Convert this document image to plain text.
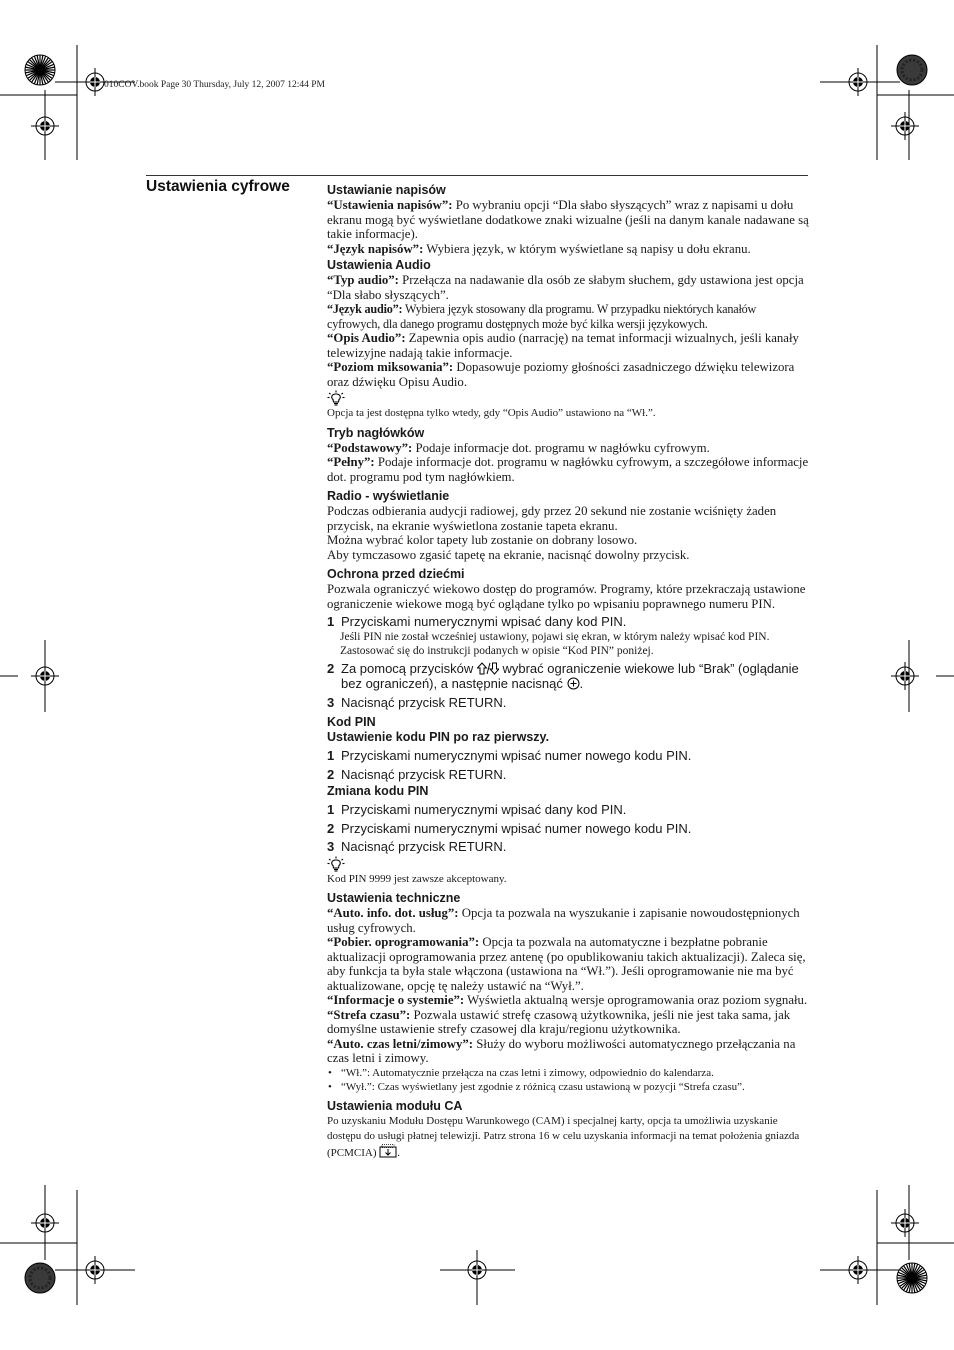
010COV.book Page 30 Thursday, July 12, 2007 12:44 PM
Ustawienia cyfrowe	Ustawianie napisów

“Ustawienia napisów”: Po wybraniu opcji “Dla słabo słyszących” wraz z napisami u dołu ekranu mogą być wyświetlane dodatkowe znaki wizualne (jeśli na danym kanale nadawane są takie informacje).

“Język napisów”: Wybiera język, w którym wyświetlane są napisy u dołu ekranu.

Ustawienia Audio

“Typ audio”: Przełącza na nadawanie dla osób ze słabym słuchem, gdy ustawiona jest opcja “Dla słabo słyszących”.

“Język audio”: Wybiera język stosowany dla programu. W przypadku niektórych kanałów cyfrowych, dla danego programu dostępnych może być kilka wersji językowych.

“Opis Audio”: Zapewnia opis audio (narrację) na temat informacji wizualnych, jeśli kanały telewizyjne nadają takie informacje.

“Poziom miksowania”: Dopasowuje poziomy głośności zasadniczego dźwięku telewizora oraz dźwięku Opisu Audio.

Opcja ta jest dostępna tylko wtedy, gdy “Opis Audio” ustawiono na “Wł.”.

Tryb nagłówków

“Podstawowy”: Podaje informacje dot. programu w nagłówku cyfrowym.

“Pełny”: Podaje informacje dot. programu w nagłówku cyfrowym, a szczegółowe informacje dot. programu pod tym nagłówkiem.

Radio - wyświetlanie

Podczas odbierania audycji radiowej, gdy przez 20 sekund nie zostanie wciśnięty żaden przycisk, na ekranie wyświetlona zostanie tapeta ekranu.

Można wybrać kolor tapety lub zostanie on dobrany losowo.

Aby tymczasowo zgasić tapetę na ekranie, nacisnąć dowolny przycisk.

Ochrona przed dziećmi

Pozwala ograniczyć wiekowo dostęp do programów. Programy, które przekraczają ustawione ograniczenie wiekowe mogą być oglądane tylko po wpisaniu poprawnego numeru PIN.

1 Przyciskami numerycznymi wpisać dany kod PIN.

Jeśli PIN nie został wcześniej ustawiony, pojawi się ekran, w którym należy wpisać kod PIN. Zastosować się do instrukcji podanych w opisie “Kod PIN” poniżej.

2 Za pomocą przycisków wybrać ograniczenie wiekowe lub “Brak” (oglądanie bez ograniczeń), a następnie nacisnąć .
3 Nacisnąć przycisk RETURN.
Kod PIN
Ustawienie kodu PIN po raz pierwszy.
1 Przyciskami numerycznymi wpisać numer nowego kodu PIN.
2 Nacisnąć przycisk RETURN.
Zmiana kodu PIN
1 Przyciskami numerycznymi wpisać dany kod PIN.
2 Przyciskami numerycznymi wpisać numer nowego kodu PIN.
3 Nacisnąć przycisk RETURN.

Kod PIN 9999 jest zawsze akceptowany.

Ustawienia techniczne

“Auto. info. dot. usług”: Opcja ta pozwala na wyszukanie i zapisanie nowoudostępnionych usług cyfrowych.

“Pobier. oprogramowania”: Opcja ta pozwala na automatyczne i bezpłatne pobranie aktualizacji oprogramowania przez antenę (po opublikowaniu takich aktualizacji). Zaleca się, aby funkcja ta była stale włączona (ustawiona na “Wł.”). Jeśli oprogramowanie nie ma być aktualizowane, opcję tę należy ustawić na “Wył.”.

“Informacje o systemie”: Wyświetla aktualną wersje oprogramowania oraz poziom sygnału.

“Strefa czasu”: Pozwala ustawić strefę czasową użytkownika, jeśli nie jest taka sama, jak domyślne ustawienie strefy czasowej dla kraju/regionu użytkownika.

“Auto. czas letni/zimowy”: Służy do wyboru możliwości automatycznego przełączania na czas letni i zimowy.

• “Wł.”: Automatycznie przełącza na czas letni i zimowy, odpowiednio do kalendarza.
• “Wył.”: Czas wyświetlany jest zgodnie z różnicą czasu ustawioną w pozycji “Strefa czasu”.
Ustawienia modułu CA

Po uzyskaniu Modułu Dostępu Warunkowego (CAM) i specjalnej karty, opcja ta umożliwia uzyskanie dostępu do usługi płatnej telewizji. Patrz strona 16 w celu uzyskania informacji na temat położenia gniazda (PCMCIA) .
